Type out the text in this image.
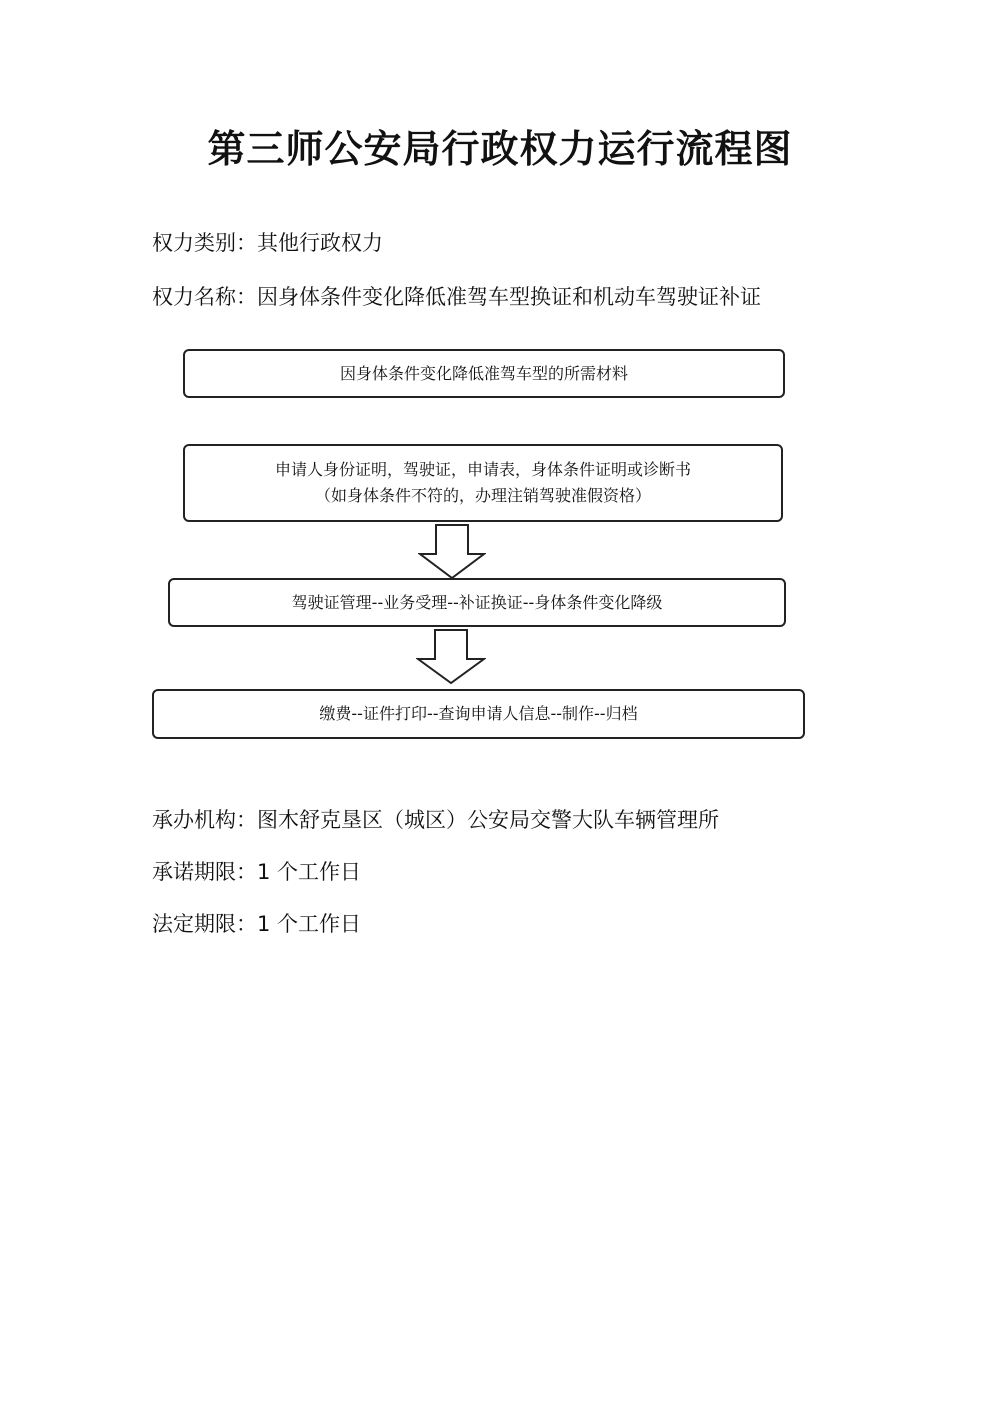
第三师公安局行政权力运行流程图
权力类别：其他行政权力
权力名称：因身体条件变化降低准驾车型换证和机动车驾驶证补证
因身体条件变化降低准驾车型的所需材料
申请人身份证明，驾驶证，申请表，身体条件证明或诊断书
（如身体条件不符的，办理注销驾驶准假资格）
驾驶证管理--业务受理--补证换证--身体条件变化降级
缴费--证件打印--查询申请人信息--制作--归档
承办机构：图木舒克垦区（城区）公安局交警大队车辆管理所
承诺期限：1 个工作日
法定期限：1 个工作日
